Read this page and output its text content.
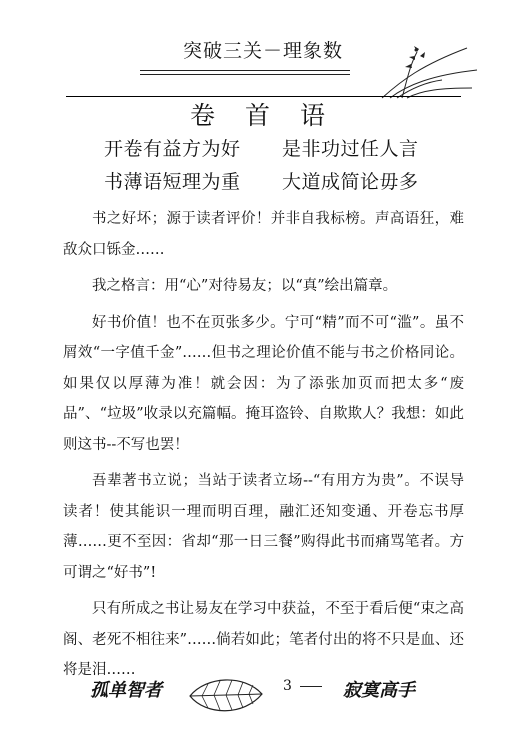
突破三关－理象数
卷 首 语
开卷有益方为好 是非功过任人言
书薄语短理为重 大道成简论毋多

书之好坏；源于读者评价！并非自我标榜。声高语狂，难敌众口铄金……

我之格言：用“心”对待易友；以“真”绘出篇章。

好书价值！也不在页张多少。宁可“精”而不可“滥”。虽不屑效“一字值千金”……但书之理论价值不能与书之价格同论。如果仅以厚薄为准！就会因：为了添张加页而把太多“废品”、“垃圾”收录以充篇幅。掩耳盗铃、自欺欺人？我想：如此则这书--不写也罢！

吾辈著书立说；当站于读者立场--“有用方为贵”。不误导读者！使其能识一理而明百理，融汇还知变通、开卷忘书厚薄……更不至因：省却“那一日三餐”购得此书而痛骂笔者。方可谓之“好书”!

只有所成之书让易友在学习中获益，不至于看后便“束之高阁、老死不相往来”……倘若如此；笔者付出的将不只是血、还将是泪……

孤单智者	3	寂寞高手
